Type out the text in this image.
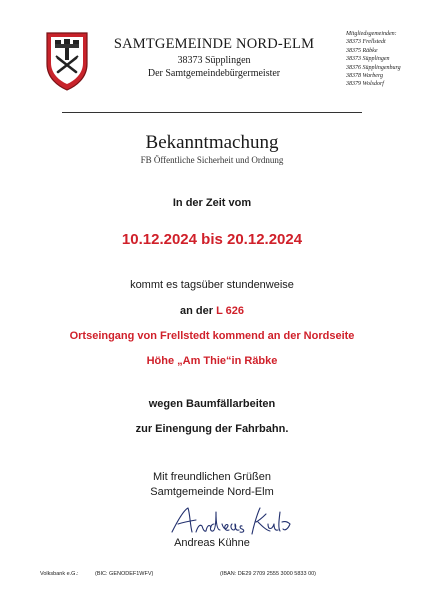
SAMTGEMEINDE NORD-ELM
38373 Süpplingen
Der Samtgemeindebürgermeister
Mitgliedsgemeinden:
38373 Frellstedt
38375 Räbke
38373 Süpplingen
38376 Süpplingenburg
38378 Warberg
38379 Wolsdorf
Bekanntmachung
FB Öffentliche Sicherheit und Ordnung
In der Zeit vom
10.12.2024 bis 20.12.2024
kommt es tagsüber stundenweise
an der L 626
Ortseingang von Frellstedt kommend an der Nordseite
Höhe „Am Thie“in Räbke
wegen Baumfällarbeiten
zur Einengung der Fahrbahn.
Mit freundlichen Grüßen
Samtgemeinde Nord-Elm
Andreas Kühne
Volksbank e.G.:	(BIC: GENODEF1WFV)	(IBAN: DE29 2709 2555 3000 5833 00)
